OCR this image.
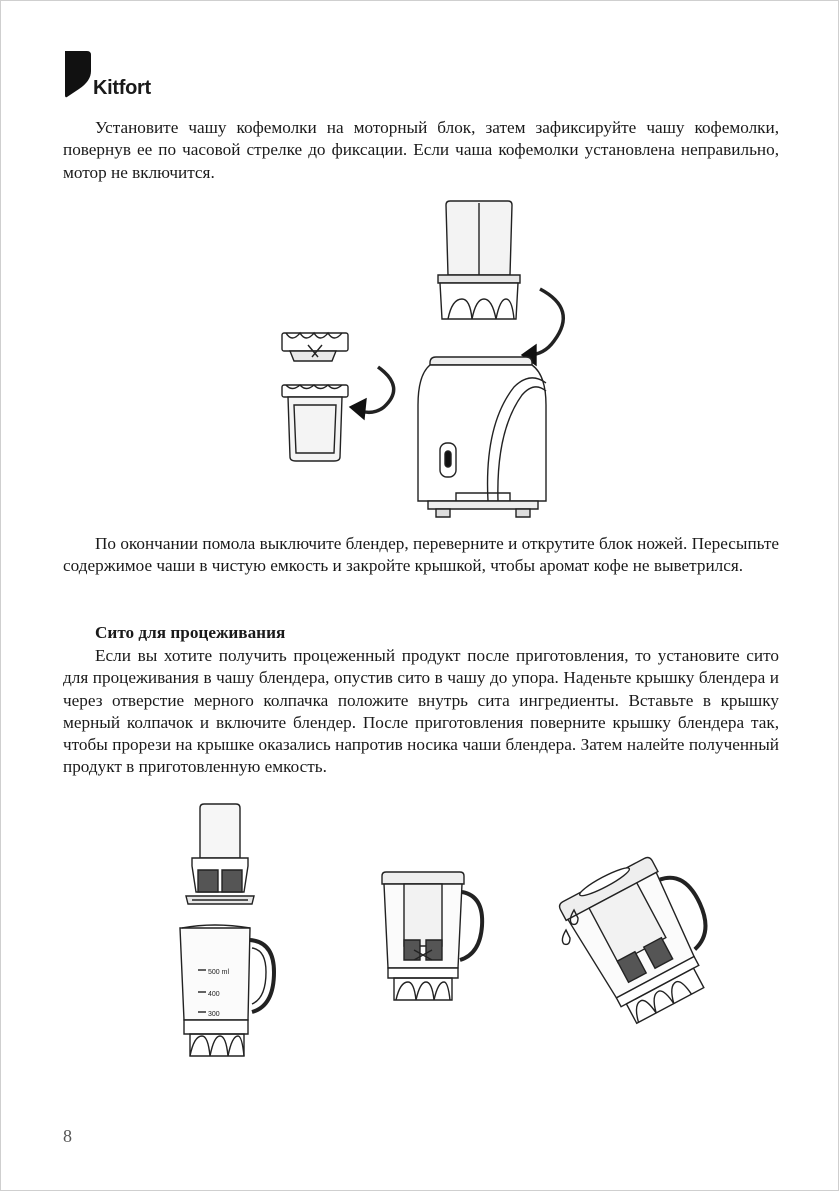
Kitfort

Установите чашу кофемолки на моторный блок, затем зафиксируйте чашу кофемолки, повернув ее по часовой стрелке до фиксации. Если чаша кофемолки установлена неправильно, мотор не включится.

По окончании помола выключите блендер, переверните и открутите блок ножей. Пересыпьте содержимое чаши в чистую емкость и закройте крышкой, чтобы аромат кофе не выветрился.

Сито для процеживания

Если вы хотите получить процеженный продукт после приготовления, то установите сито для процеживания в чашу блендера, опустив сито в чашу до упора. Наденьте крышку блендера и через отверстие мерного колпачка положите внутрь сита ингредиенты. Вставьте в крышку мерный колпачок и включите блендер. После приготовления поверните крышку блендера так, чтобы прорези на крышке оказались напротив носика чаши блендера. Затем налейте полученный продукт в приготовленную емкость.

500 ml
400
300
8
